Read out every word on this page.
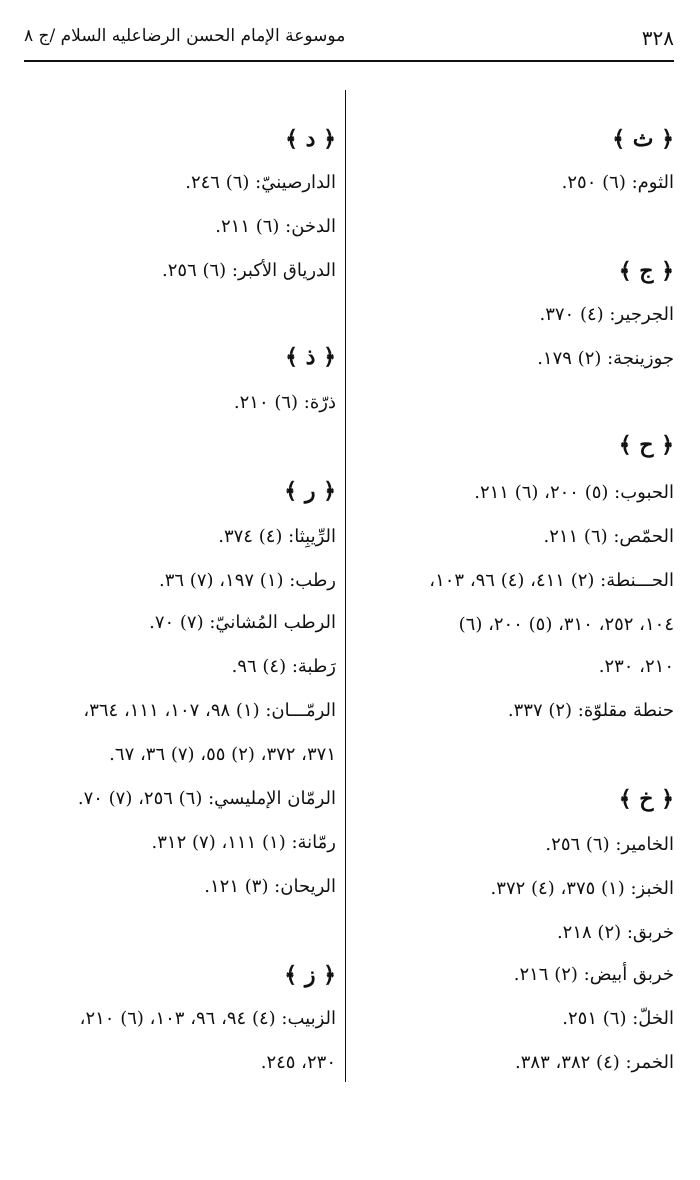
٣٢٨
موسوعة الإمام الحسن الرضاعليه السلام /ج ٨
﴿ ث ﴾
الثوم: (٦) ٢٥٠.
﴿ ج ﴾
الجرجير: (٤) ٣٧٠.
جوزينجة: (٢) ١٧٩.
﴿ ح ﴾
الحبوب: (٥) ٢٠٠، (٦) ٢١١.
الحمّص: (٦) ٢١١.
الحـــنطة: (٢) ٤١١، (٤) ٩٦، ١٠٣،
١٠٤، ٢٥٢، ٣١٠، (٥) ٢٠٠، (٦)
٢١٠، ٢٣٠.
حنطة مقلوّة: (٢) ٣٣٧.
﴿ خ ﴾
الخامير: (٦) ٢٥٦.
الخبز: (١) ٣٧٥، (٤) ٣٧٢.
خربق: (٢) ٢١٨.
خربق أبيض: (٢) ٢١٦.
الخلّ: (٦) ٢٥١.
الخمر: (٤) ٣٨٢، ٣٨٣.
﴿ د ﴾
الدارصينيّ: (٦) ٢٤٦.
الدخن: (٦) ٢١١.
الدرياق الأكبر: (٦) ٢٥٦.
﴿ ذ ﴾
ذرّة: (٦) ٢١٠.
﴿ ر ﴾
الرِّيبِثا: (٤) ٣٧٤.
رطب: (١) ١٩٧، (٧) ٣٦.
الرطب المُشانيّ: (٧) ٧٠.
رَطبة: (٤) ٩٦.
الرمّـــان: (١) ٩٨، ١٠٧، ١١١، ٣٦٤،
٣٧١، ٣٧٢، (٢) ٥٥، (٧) ٣٦، ٦٧.
الرمّان الإمليسي: (٦) ٢٥٦، (٧) ٧٠.
رمّانة: (١) ١١١، (٧) ٣١٢.
الريحان: (٣) ١٢١.
﴿ ز ﴾
الزبيب: (٤) ٩٤، ٩٦، ١٠٣، (٦) ٢١٠،
٢٣٠، ٢٤٥.
